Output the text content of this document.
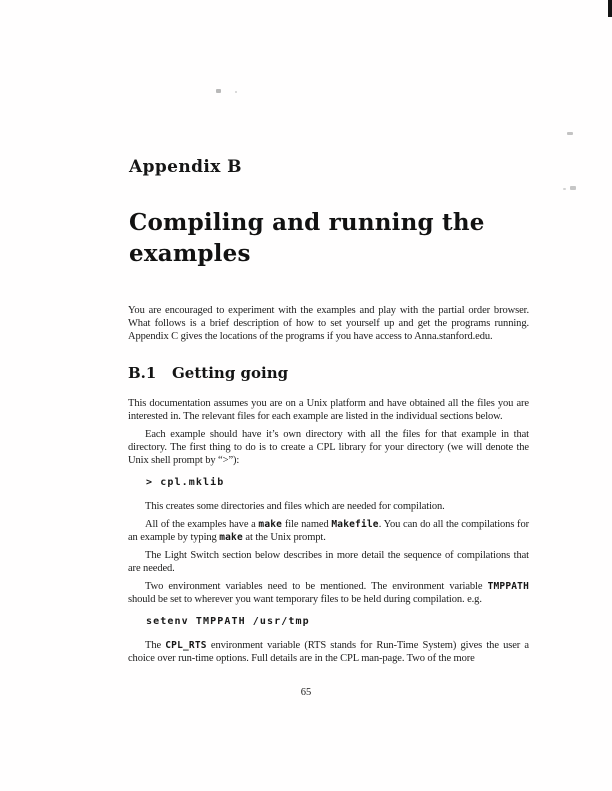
Appendix B
Compiling and running the
examples

You are encouraged to experiment with the examples and play with the partial order browser. What follows is a brief description of how to set yourself up and get the programs running. Appendix C gives the locations of the programs if you have access to Anna.stanford.edu.

B.1 Getting going

This documentation assumes you are on a Unix platform and have obtained all the files you are interested in. The relevant files for each example are listed in the individual sections below.

Each example should have it’s own directory with all the files for that example in that directory. The first thing to do is to create a CPL library for your directory (we will denote the Unix shell prompt by “>”):

> cpl.mklib

This creates some directories and files which are needed for compilation.

All of the examples have a make file named Makefile. You can do all the compilations for an example by typing make at the Unix prompt.

The Light Switch section below describes in more detail the sequence of compilations that are needed.

Two environment variables need to be mentioned. The environment variable TMPPATH should be set to wherever you want temporary files to be held during compilation. e.g.

setenv TMPPATH /usr/tmp

The CPL_RTS environment variable (RTS stands for Run-Time System) gives the user a choice over run-time options. Full details are in the CPL man-page. Two of the more

65
